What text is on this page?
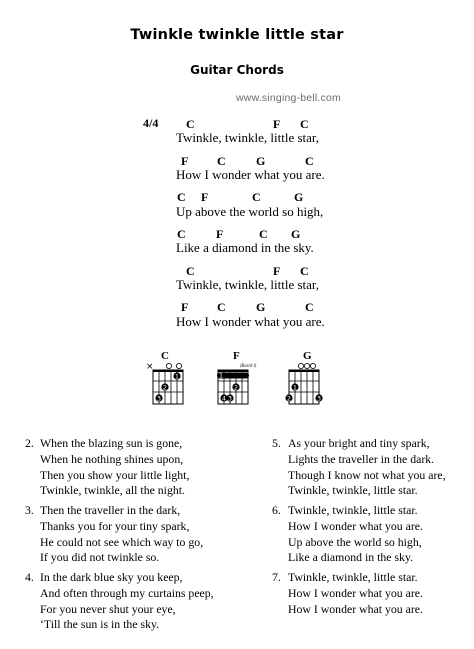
Twinkle twinkle little star
Guitar Chords
www.singing-bell.com
4/4 C	F C
Twinkle, twinkle, little star,
F C	G	C
How I wonder what you are.
C F	C	G
Up above the world so high,
C	F	C G
Like a diamond in the sky.
C	F C
Twinkle, twinkle, little star,
F C	G	C
How I wonder what you are.
C
×
1
2
3
F
(Barré I)
1
2
3
4
G
1
2	3
2. When the blazing sun is gone,
When he nothing shines upon,
Then you show your little light,
Twinkle, twinkle, all the night.
3. Then the traveller in the dark,
Thanks you for your tiny spark,
He could not see which way to go,
If you did not twinkle so.
4. In the dark blue sky you keep,
And often through my curtains peep,
For you never shut your eye,
‘Till the sun is in the sky.
5. As your bright and tiny spark,
Lights the traveller in the dark.
Though I know not what you are,
Twinkle, twinkle, little star.
6. Twinkle, twinkle, little star.
How I wonder what you are.
Up above the world so high,
Like a diamond in the sky.
7. Twinkle, twinkle, little star.
How I wonder what you are.
How I wonder what you are.
